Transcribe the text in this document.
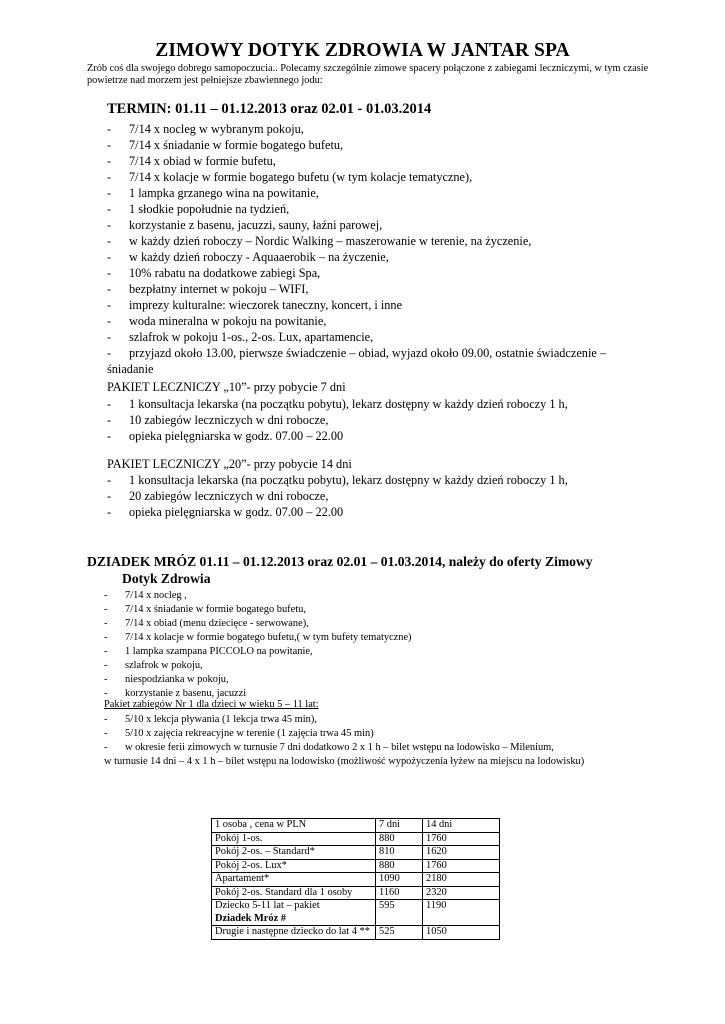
ZIMOWY DOTYK ZDROWIA W JANTAR SPA
Zrób coś dla swojego dobrego samopoczucia.. Polecamy szczególnie zimowe spacery połączone z zabiegami leczniczymi, w tym czasie powietrze nad morzem jest pełniejsze zbawiennego jodu:
TERMIN: 01.11 – 01.12.2013 oraz 02.01 - 01.03.2014
- 7/14 x nocleg w wybranym pokoju,
- 7/14 x śniadanie w formie bogatego bufetu,
- 7/14 x obiad w formie bufetu,
- 7/14 x kolacje w formie bogatego bufetu (w tym kolacje tematyczne),
- 1 lampka grzanego wina na powitanie,
- 1 słodkie popołudnie na tydzień,
- korzystanie z basenu, jacuzzi, sauny, łaźni parowej,
- w każdy dzień roboczy – Nordic Walking – maszerowanie w terenie, na życzenie,
- w każdy dzień roboczy - Aquaaerobik – na życzenie,
- 10% rabatu na dodatkowe zabiegi Spa,
- bezpłatny internet w pokoju – WIFI,
- imprezy kulturalne: wieczorek taneczny, koncert, i inne
- woda mineralna w pokoju na powitanie,
- szlafrok w pokoju 1-os., 2-os. Lux, apartamencie,
- przyjazd około 13.00, pierwsze świadczenie – obiad, wyjazd około 09.00, ostatnie świadczenie –
śniadanie
PAKIET LECZNICZY „10”- przy pobycie 7 dni
- 1 konsultacja lekarska (na początku pobytu), lekarz dostępny w każdy dzień roboczy 1 h,
- 10 zabiegów leczniczych w dni robocze,
- opieka pielęgniarska w godz. 07.00 – 22.00
PAKIET LECZNICZY „20”- przy pobycie 14 dni
- 1 konsultacja lekarska (na początku pobytu), lekarz dostępny w każdy dzień roboczy 1 h,
- 20 zabiegów leczniczych w dni robocze,
- opieka pielęgniarska w godz. 07.00 – 22.00
DZIADEK MRÓZ 01.11 – 01.12.2013 oraz 02.01 – 01.03.2014, należy do oferty Zimowy
Dotyk Zdrowia
- 7/14 x nocleg ,
- 7/14 x śniadanie w formie bogatego bufetu,
- 7/14 x obiad (menu dziecięce - serwowane),
- 7/14 x kolacje w formie bogatego bufetu,( w tym bufety tematyczne)
- 1 lampka szampana PICCOLO na powitanie,
- szlafrok w pokoju,
- niespodzianka w pokoju,
- korzystanie z basenu, jacuzzi
Pakiet zabiegów Nr 1 dla dzieci w wieku 5 – 11 lat:
- 5/10 x lekcja pływania (1 lekcja trwa 45 min),
- 5/10 x zajęcia rekreacyjne w terenie (1 zajęcia trwa 45 min)
- w okresie ferii zimowych w turnusie 7 dni dodatkowo 2 x 1 h – bilet wstępu na lodowisko – Milenium,
w turnusie 14 dni – 4 x 1 h – bilet wstępu na lodowisko (możliwość wypożyczenia łyżew na miejscu na lodowisku)
1 osoba , cena w PLN	7 dni	14 dni
Pokój 1-os.	880	1760
Pokój 2-os. – Standard*	810	1620
Pokój 2-os. Lux*	880	1760
Apartament*	1090	2180
Pokój 2-os. Standard dla 1 osoby	1160	2320
Dziecko 5-11 lat – pakiet
Dziadek Mróz #	595	1190
Drugie i następne dziecko do lat 4 **	525	1050
